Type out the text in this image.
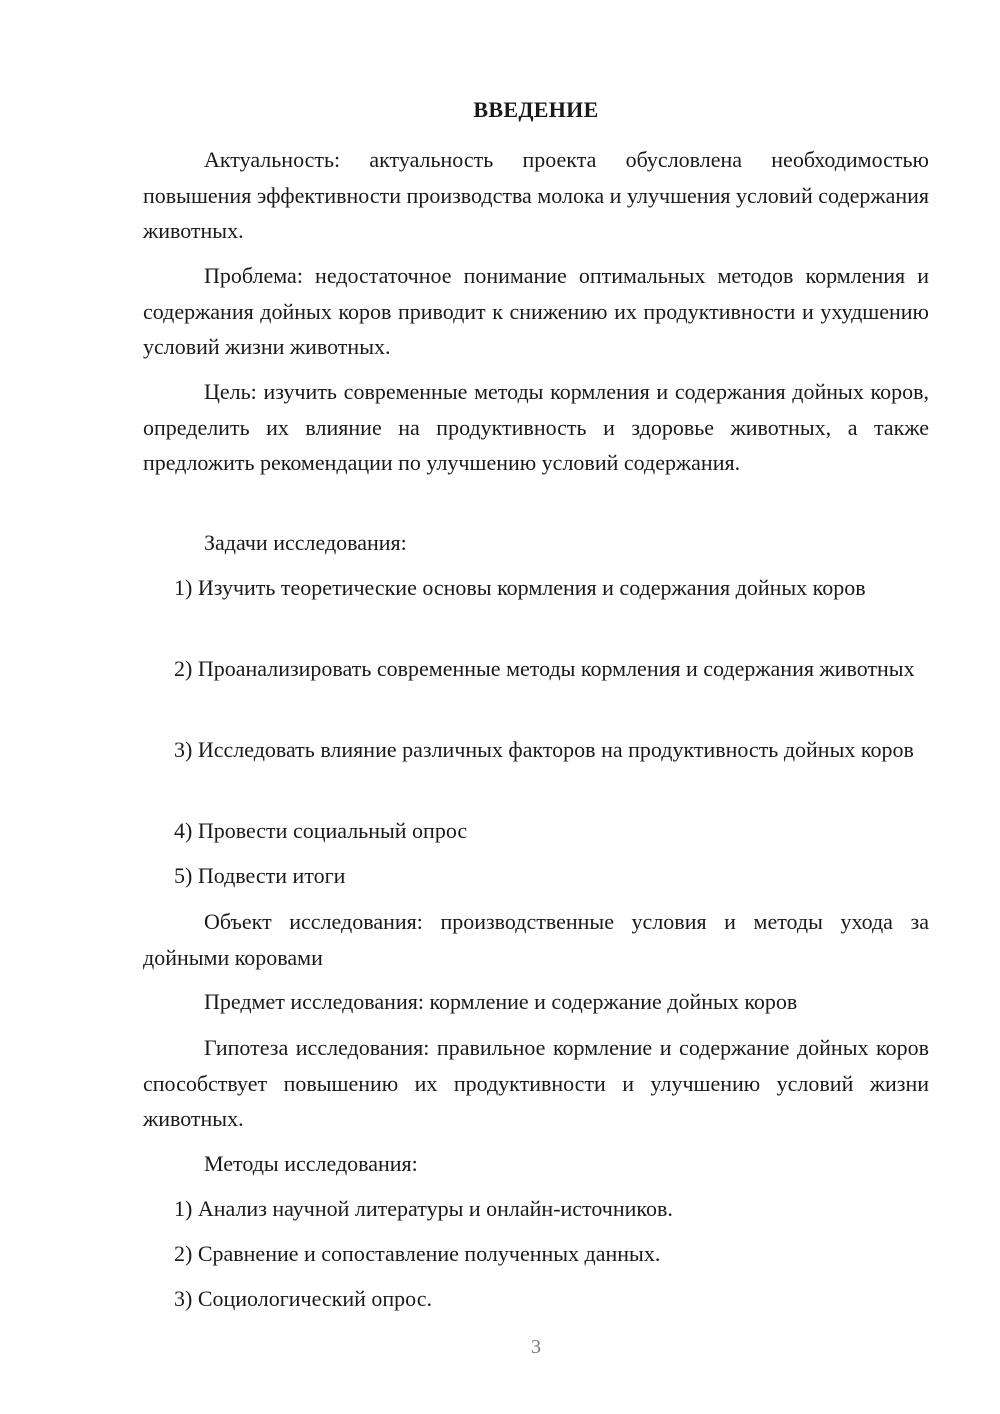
ВВЕДЕНИЕ
Актуальность: актуальность проекта обусловлена необходимостью повышения эффективности производства молока и улучшения условий содержания животных.
Проблема: недостаточное понимание оптимальных методов кормления и содержания дойных коров приводит к снижению их продуктивности и ухудшению условий жизни животных.
Цель: изучить современные методы кормления и содержания дойных коров, определить их влияние на продуктивность и здоровье животных, а также предложить рекомендации по улучшению условий содержания.
Задачи исследования:
1) Изучить теоретические основы кормления и содержания дойных коров
2) Проанализировать современные методы кормления и содержания животных
3) Исследовать влияние различных факторов на продуктивность дойных коров
4) Провести социальный опрос
5) Подвести итоги
Объект исследования: производственные условия и методы ухода за дойными коровами
Предмет исследования: кормление и содержание дойных коров
Гипотеза исследования: правильное кормление и содержание дойных коров способствует повышению их продуктивности и улучшению условий жизни животных.
Методы исследования:
1) Анализ научной литературы и онлайн-источников.
2) Сравнение и сопоставление полученных данных.
3) Социологический опрос.
3
